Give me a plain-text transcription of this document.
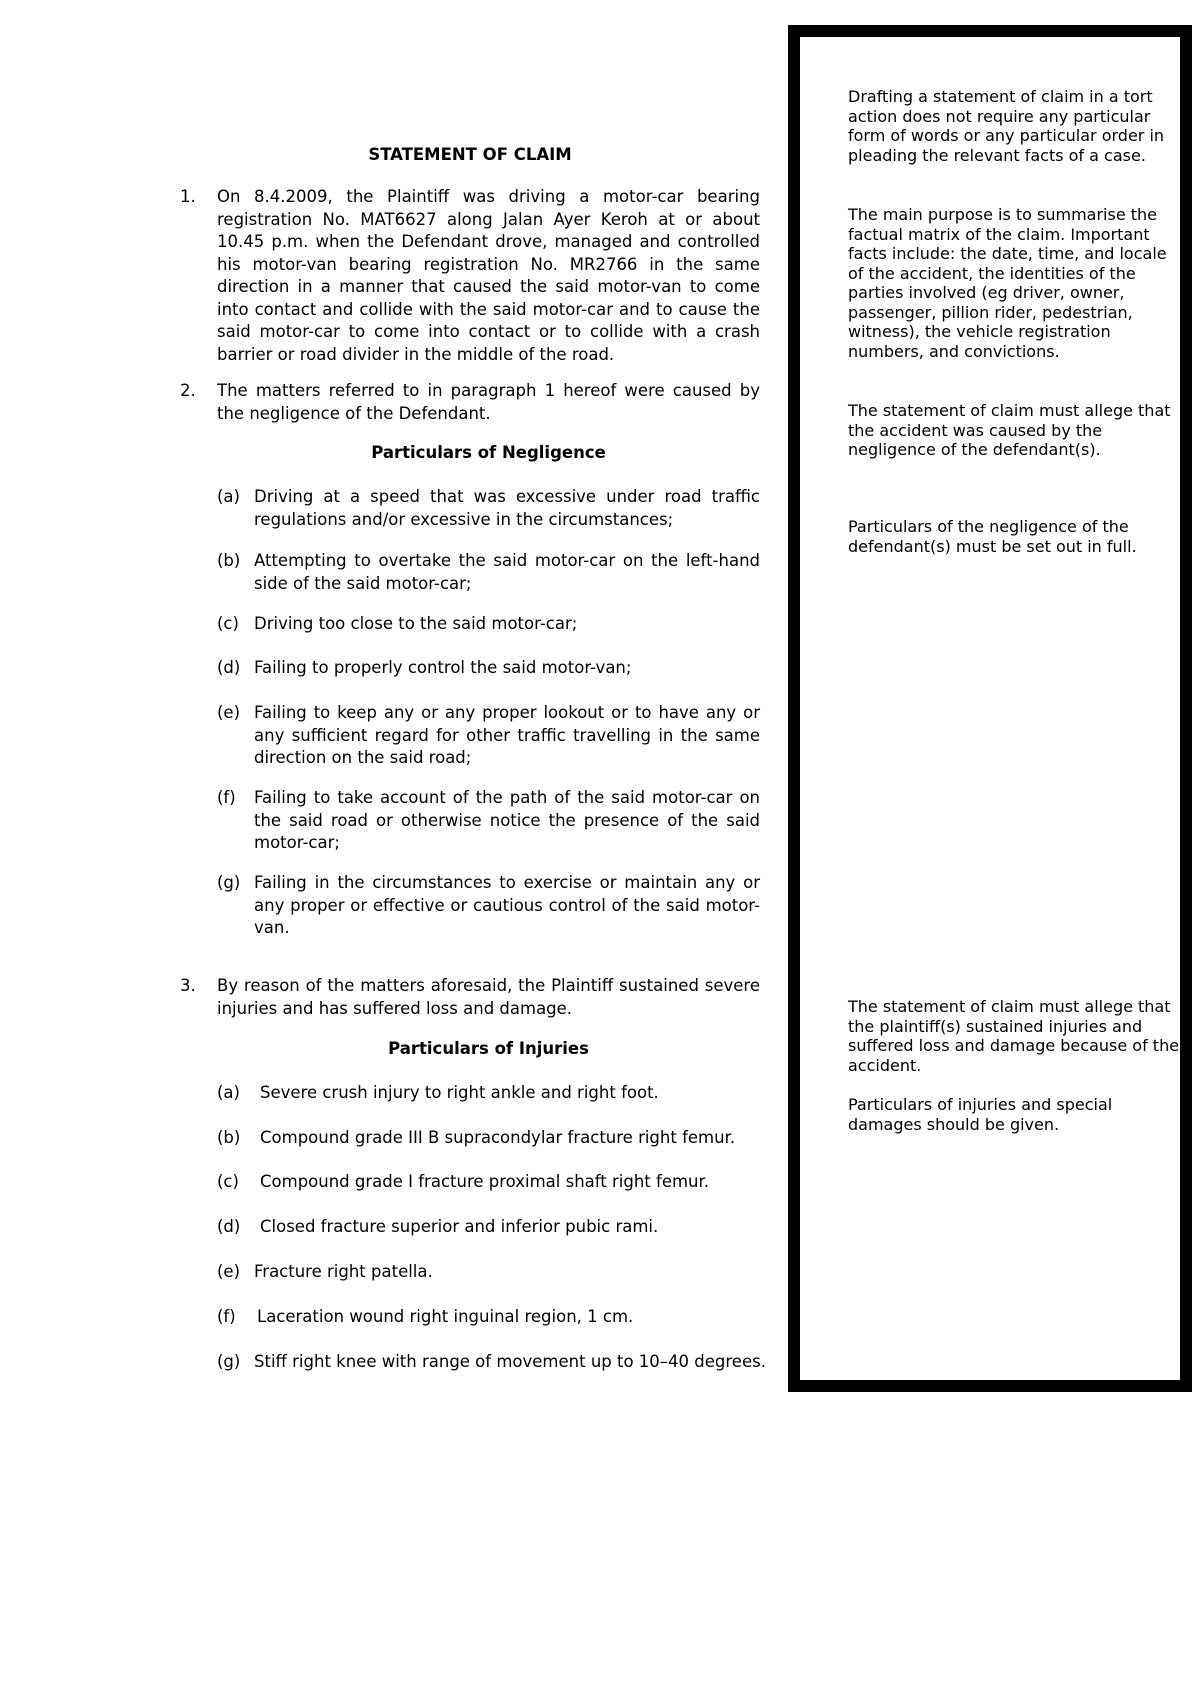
STATEMENT OF CLAIM
1. On 8.4.2009, the Plaintiff was driving a motor-car bearing registration No. MAT6627 along Jalan Ayer Keroh at or about 10.45 p.m. when the Defendant drove, managed and controlled his motor-van bearing registration No. MR2766 in the same direction in a manner that caused the said motor-van to come into contact and collide with the said motor-car and to cause the said motor-car to come into contact or to collide with a crash barrier or road divider in the middle of the road.
2. The matters referred to in paragraph 1 hereof were caused by the negligence of the Defendant.
Particulars of Negligence
(a) Driving at a speed that was excessive under road traffic regulations and/or excessive in the circumstances;
(b) Attempting to overtake the said motor-car on the left-hand side of the said motor-car;
(c) Driving too close to the said motor-car;
(d) Failing to properly control the said motor-van;
(e) Failing to keep any or any proper lookout or to have any or any sufficient regard for other traffic travelling in the same direction on the said road;
(f) Failing to take account of the path of the said motor-car on the said road or otherwise notice the presence of the said motor-car;
(g) Failing in the circumstances to exercise or maintain any or any proper or effective or cautious control of the said motor-van.
3. By reason of the matters aforesaid, the Plaintiff sustained severe injuries and has suffered loss and damage.
Particulars of Injuries
(a) Severe crush injury to right ankle and right foot.
(b) Compound grade III B supracondylar fracture right femur.
(c) Compound grade I fracture proximal shaft right femur.
(d) Closed fracture superior and inferior pubic rami.
(e) Fracture right patella.
(f) Laceration wound right inguinal region, 1 cm.
(g) Stiff right knee with range of movement up to 10–40 degrees.
Drafting a statement of claim in a tort action does not require any particular form of words or any particular order in pleading the relevant facts of a case.
The main purpose is to summarise the factual matrix of the claim. Important facts include: the date, time, and locale of the accident, the identities of the parties involved (eg driver, owner, passenger, pillion rider, pedestrian, witness), the vehicle registration numbers, and convictions.
The statement of claim must allege that the accident was caused by the negligence of the defendant(s).
Particulars of the negligence of the defendant(s) must be set out in full.
The statement of claim must allege that the plaintiff(s) sustained injuries and suffered loss and damage because of the accident.
Particulars of injuries and special damages should be given.
